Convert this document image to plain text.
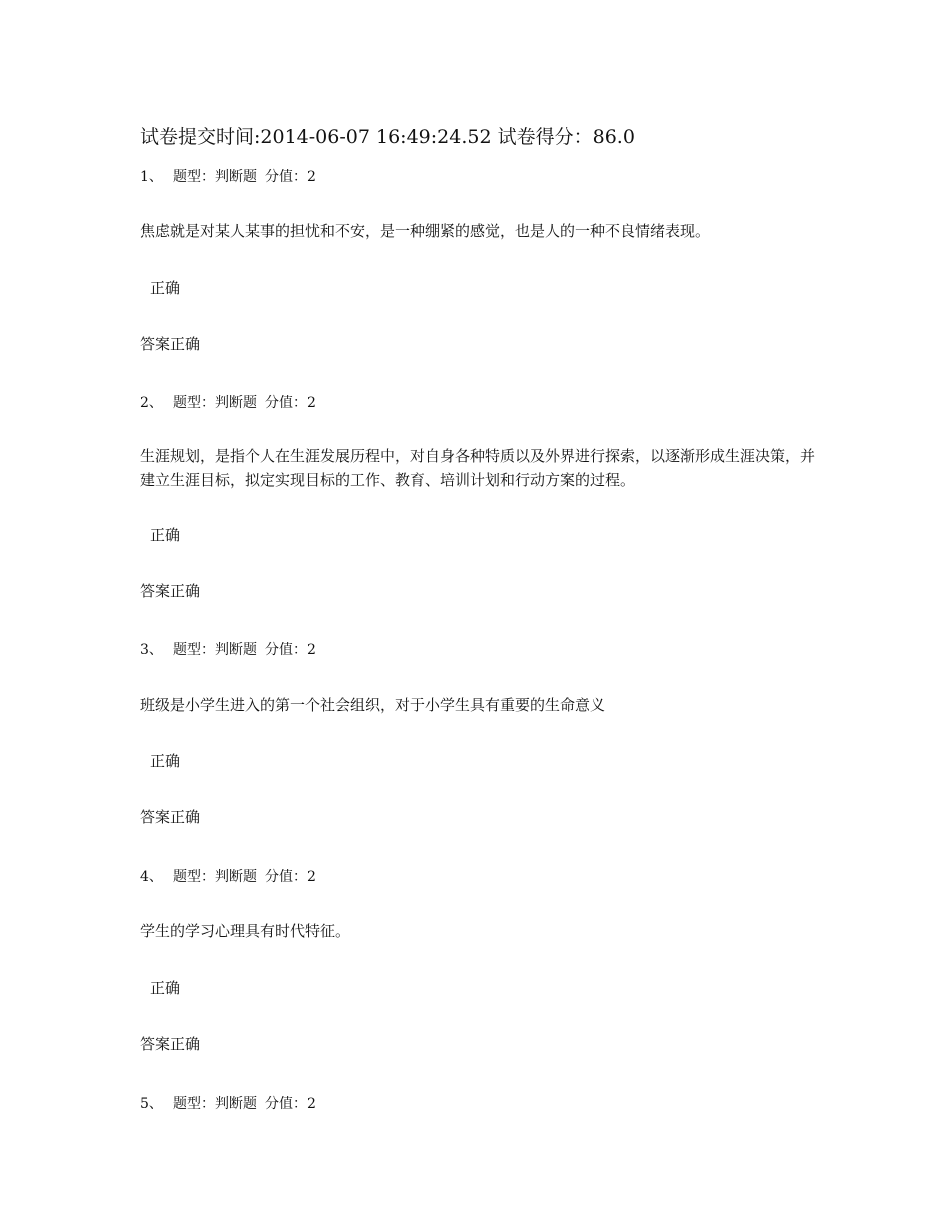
试卷提交时间:2014-06-07 16:49:24.52 试卷得分：86.0
1、 题型：判断题 分值：2
焦虑就是对某人某事的担忧和不安，是一种绷紧的感觉，也是人的一种不良情绪表现。
正确
答案正确
2、 题型：判断题 分值：2
生涯规划，是指个人在生涯发展历程中，对自身各种特质以及外界进行探索，以逐渐形成生涯决策，并建立生涯目标，拟定实现目标的工作、教育、培训计划和行动方案的过程。
正确
答案正确
3、 题型：判断题 分值：2
班级是小学生进入的第一个社会组织，对于小学生具有重要的生命意义
正确
答案正确
4、 题型：判断题 分值：2
学生的学习心理具有时代特征。
正确
答案正确
5、 题型：判断题 分值：2
